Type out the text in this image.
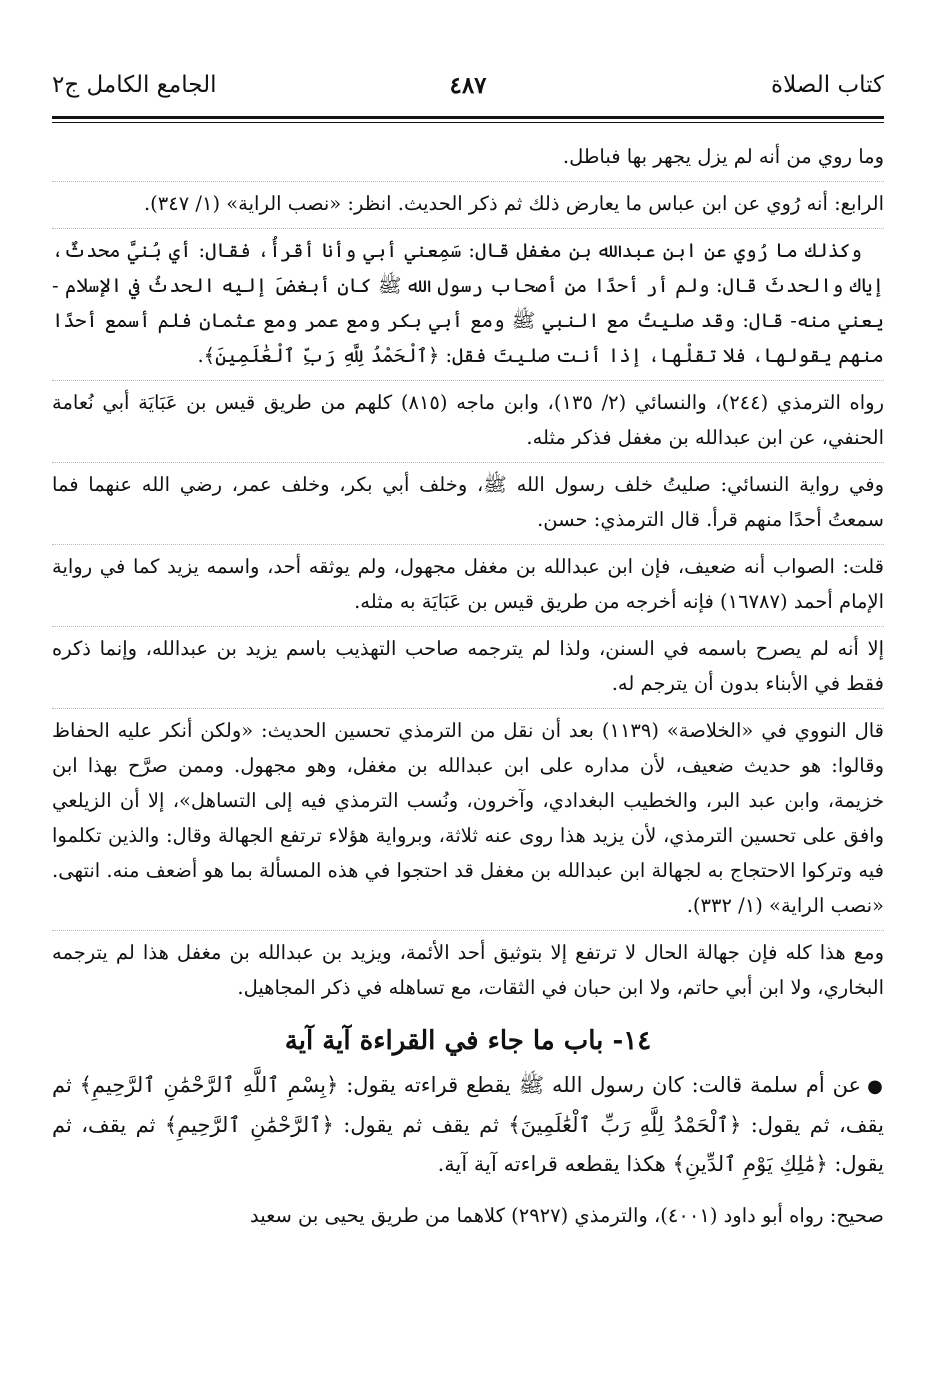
كتاب الصلاة
٤٨٧
الجامع الكامل ج٢

وما روي من أنه لم يزل يجهر بها فباطل.

الرابع: أنه رُوي عن ابن عباس ما يعارض ذلك ثم ذكر الحديث. انظر: «نصب الراية» (١/ ٣٤٧).

وكذلك ما رُوي عن ابن عبدالله بن مغفل قال: سَمِعني أبي وأنا أقرأُ، فقال: أي بُنيَّ محدثٌ، إياك والحدثَ قال: ولم أر أحدًا من أصحاب رسول الله ﷺ كان أبغضَ إليه الحدثُ في الإسلام - يعني منه- قال: وقد صليتُ مع النبي ﷺ ومع أبي بكر ومع عمر ومع عثمان فلم أسمع أحدًا منهم يقولها، فلا تقلْها، إذا أنت صليتَ فقل: ﴿ٱلْحَمْدُ لِلَّهِ رَبِّ ٱلْعَٰلَمِينَ﴾.

رواه الترمذي (٢٤٤)، والنسائي (٢/ ١٣٥)، وابن ماجه (٨١٥) كلهم من طريق قيس بن عَبَايَة أبي نُعامة الحنفي، عن ابن عبدالله بن مغفل فذكر مثله.

وفي رواية النسائي: صليتُ خلف رسول الله ﷺ، وخلف أبي بكر، وخلف عمر، رضي الله عنهما فما سمعتُ أحدًا منهم قرأ. قال الترمذي: حسن.

قلت: الصواب أنه ضعيف، فإن ابن عبدالله بن مغفل مجهول، ولم يوثقه أحد، واسمه يزيد كما في رواية الإمام أحمد (١٦٧٨٧) فإنه أخرجه من طريق قيس بن عَبَايَة به مثله.

إلا أنه لم يصرح باسمه في السنن، ولذا لم يترجمه صاحب التهذيب باسم يزيد بن عبدالله، وإنما ذكره فقط في الأبناء بدون أن يترجم له.

قال النووي في «الخلاصة» (١١٣٩) بعد أن نقل من الترمذي تحسين الحديث: «ولكن أنكر عليه الحفاظ وقالوا: هو حديث ضعيف، لأن مداره على ابن عبدالله بن مغفل، وهو مجهول. وممن صرَّح بهذا ابن خزيمة، وابن عبد البر، والخطيب البغدادي، وآخرون، ونُسب الترمذي فيه إلى التساهل»، إلا أن الزيلعي وافق على تحسين الترمذي، لأن يزيد هذا روى عنه ثلاثة، وبرواية هؤلاء ترتفع الجهالة وقال: والذين تكلموا فيه وتركوا الاحتجاج به لجهالة ابن عبدالله بن مغفل قد احتجوا في هذه المسألة بما هو أضعف منه. انتهى. «نصب الراية» (١/ ٣٣٢).

ومع هذا كله فإن جهالة الحال لا ترتفع إلا بتوثيق أحد الأئمة، ويزيد بن عبدالله بن مغفل هذا لم يترجمه البخاري، ولا ابن أبي حاتم، ولا ابن حبان في الثقات، مع تساهله في ذكر المجاهيل.

١٤- باب ما جاء في القراءة آية آية

●عن أم سلمة قالت: كان رسول الله ﷺ يقطع قراءته يقول: ﴿بِسْمِ ٱللَّهِ ٱلرَّحْمَٰنِ ٱلرَّحِيمِ﴾ ثم يقف، ثم يقول: ﴿ٱلْحَمْدُ لِلَّهِ رَبِّ ٱلْعَٰلَمِينَ﴾ ثم يقف ثم يقول: ﴿ٱلرَّحْمَٰنِ ٱلرَّحِيمِ﴾ ثم يقف، ثم يقول: ﴿مَٰلِكِ يَوْمِ ٱلدِّينِ﴾ هكذا يقطعه قراءته آية آية.

صحيح: رواه أبو داود (٤٠٠١)، والترمذي (٢٩٢٧) كلاهما من طريق يحيى بن سعيد
